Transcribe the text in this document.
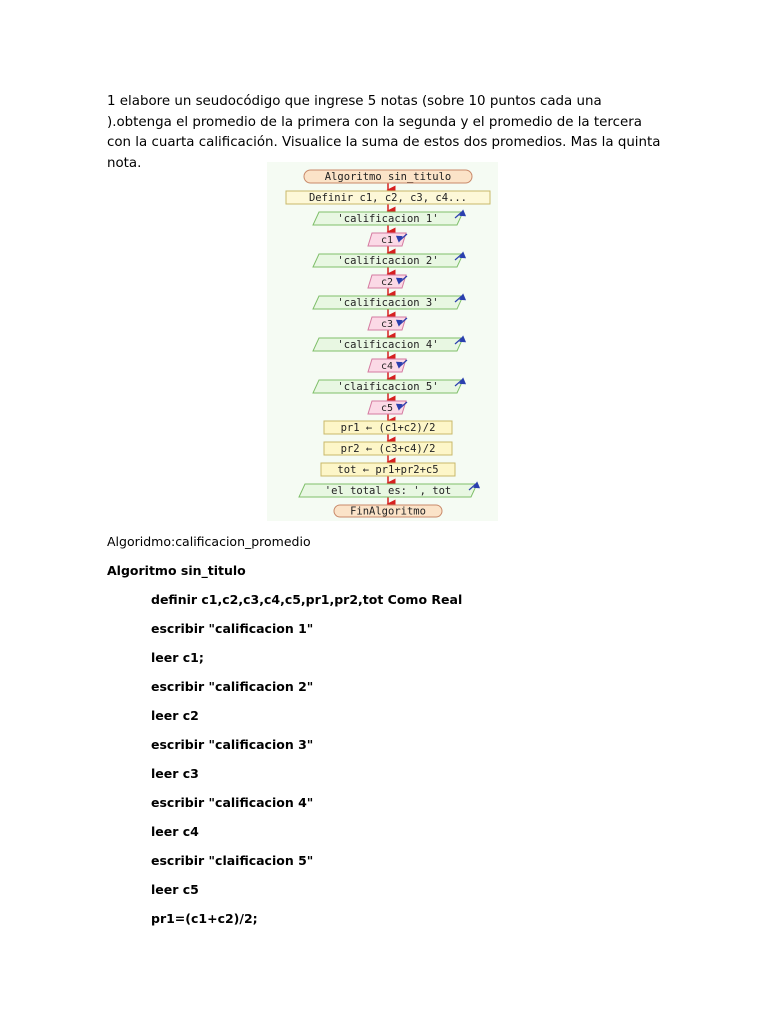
1 elabore un seudocódigo que ingrese 5 notas (sobre 10 puntos cada una ).obtenga el promedio de la primera con la segunda y el promedio de la tercera con la cuarta calificación. Visualice la suma de estos dos promedios. Mas la quinta nota.

Algoritmo sin_titulo
Definir c1, c2, c3, c4...
'calificacion 1'
c1
'calificacion 2'
c2
'calificacion 3'
c3
'calificacion 4'
c4
'claificacion 5'
c5
pr1 ← (c1+c2)/2
pr2 ← (c3+c4)/2
tot ← pr1+pr2+c5
'el total es: ', tot
FinAlgoritmo

Algoridmo:calificacion_promedio

Algoritmo sin_titulo

definir c1,c2,c3,c4,c5,pr1,pr2,tot Como Real

escribir "calificacion 1"

leer c1;

escribir "calificacion 2"

leer c2

escribir "calificacion 3"

leer c3

escribir "calificacion 4"

leer c4

escribir "claificacion 5"

leer c5

pr1=(c1+c2)/2;
